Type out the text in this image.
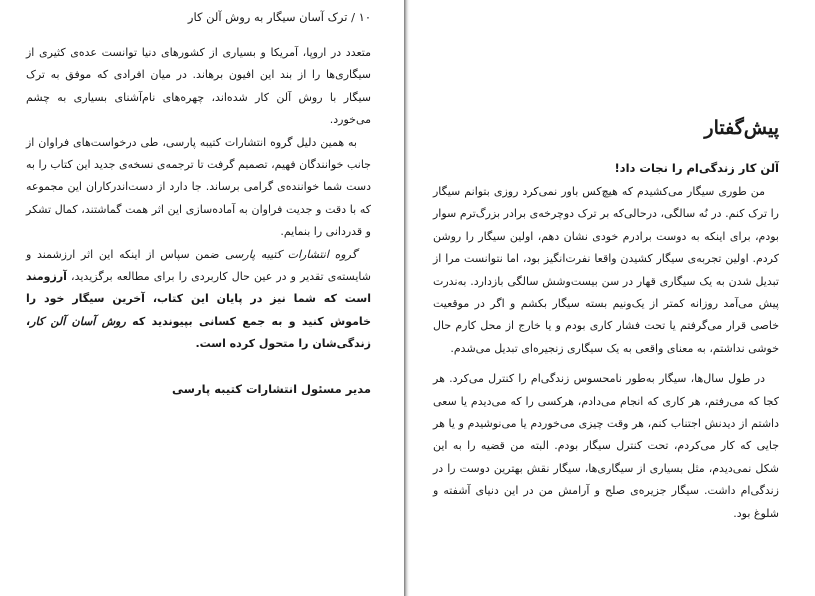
۱۰ / ترک آسان سیگار به روش آلن کار

متعدد در اروپا، آمریکا و بسیاری از کشورهای دنیا توانست عده‌ی کثیری از سیگاری‌ها را از بند این افیون برهاند. در میان افرادی که موفق به ترک سیگار با روش آلن کار شده‌اند، چهره‌های نام‌آشنای بسیاری به چشم می‌خورد.

به همین دلیل گروه انتشارات کتیبه پارسی، طی درخواست‌های فراوان از جانب خوانندگان فهیم، تصمیم گرفت تا ترجمه‌ی نسخه‌ی جدید این کتاب را به دست شما خواننده‌ی گرامی برساند. جا دارد از دست‌اندرکاران این مجموعه که با دقت و جدیت فراوان به آماده‌سازی این اثر همت گماشتند، کمال تشکر و قدردانی را بنمایم.

گروه انتشارات کتیبه پارسی ضمن سپاس از اینکه این اثر ارزشمند و شایسته‌ی تقدیر و در عین حال کاربردی را برای مطالعه برگزیدید، آرزومند است که شما نیز در پایان این کتاب، آخرین سیگار خود را خاموش کنید و به جمع کسانی بپیوندید که روش آسان آلن کار، زندگی‌شان را متحول کرده است.

مدیر مسئول انتشارات کتیبه پارسی
پیش‌گفتار
آلن کار زندگی‌ام را نجات داد!

من طوری سیگار می‌کشیدم که هیچ‌کس باور نمی‌کرد روزی بتوانم سیگار را ترک کنم. در نُه سالگی، درحالی‌که بر ترک دوچرخه‌ی برادر بزرگ‌ترم سوار بودم، برای اینکه به دوست برادرم خودی نشان دهم، اولین سیگار را روشن کردم. اولین تجربه‌ی سیگار کشیدن واقعا نفرت‌انگیز بود، اما نتوانست مرا از تبدیل شدن به یک سیگاری قهار در سن بیست‌وشش سالگی بازدارد. به‌ندرت پیش می‌آمد روزانه کمتر از یک‌ونیم بسته سیگار بکشم و اگر در موقعیت خاصی قرار می‌گرفتم یا تحت فشار کاری بودم و یا خارج از محل کارم حال خوشی نداشتم، به معنای واقعی به یک سیگاری زنجیره‌ای تبدیل می‌شدم.

در طول سال‌ها، سیگار به‌طور نامحسوس زندگی‌ام را کنترل می‌کرد. هر کجا که می‌رفتم، هر کاری که انجام می‌دادم، هرکسی را که می‌دیدم یا سعی داشتم از دیدنش اجتناب کنم، هر وقت چیزی می‌خوردم یا می‌نوشیدم و یا هر جایی که کار می‌کردم، تحت کنترل سیگار بودم. البته من قضیه را به این شکل نمی‌دیدم، مثل بسیاری از سیگاری‌ها، سیگار نقش بهترین دوست را در زندگی‌ام داشت. سیگار جزیره‌ی صلح و آرامش من در این دنیای آشفته و شلوغ بود.
